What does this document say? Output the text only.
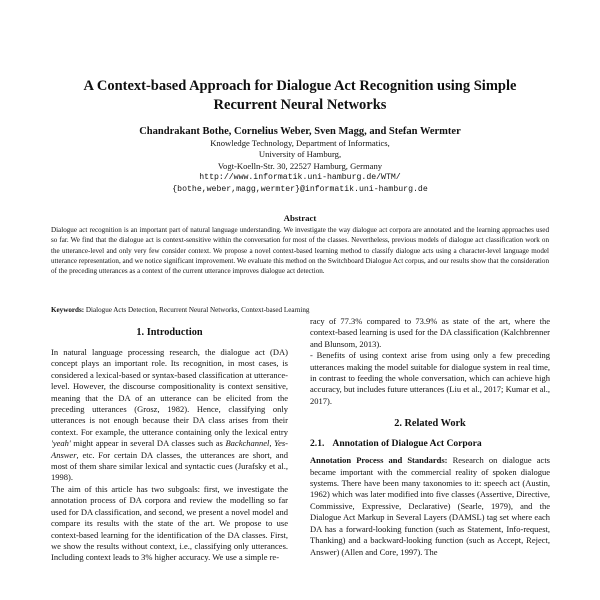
A Context-based Approach for Dialogue Act Recognition using Simple
Recurrent Neural Networks
Chandrakant Bothe, Cornelius Weber, Sven Magg, and Stefan Wermter
Knowledge Technology, Department of Informatics,
University of Hamburg,
Vogt-Koelln-Str. 30, 22527 Hamburg, Germany
http://www.informatik.uni-hamburg.de/WTM/
{bothe,weber,magg,wermter}@informatik.uni-hamburg.de
Abstract
Dialogue act recognition is an important part of natural language understanding. We investigate the way dialogue act corpora are annotated and the learning approaches used so far. We find that the dialogue act is context-sensitive within the conversation for most of the classes. Nevertheless, previous models of dialogue act classification work on the utterance-level and only very few consider context. We propose a novel context-based learning method to classify dialogue acts using a character-level language model utterance representation, and we notice significant improvement. We evaluate this method on the Switchboard Dialogue Act corpus, and our results show that the consideration of the preceding utterances as a context of the current utterance improves dialogue act detection.
Keywords: Dialogue Acts Detection, Recurrent Neural Networks, Context-based Learning
1. Introduction
In natural language processing research, the dialogue act (DA) concept plays an important role. Its recognition, in most cases, is considered a lexical-based or syntax-based classification at utterance-level. However, the discourse compositionality is context sensitive, meaning that the DA of an utterance can be elicited from the preceding utterances (Grosz, 1982). Hence, classifying only utterances is not enough because their DA class arises from their context. For example, the utterance containing only the lexical entry 'yeah' might appear in several DA classes such as Backchannel, Yes-Answer, etc. For certain DA classes, the utterances are short, and most of them share similar lexical and syntactic cues (Jurafsky et al., 1998).
The aim of this article has two subgoals: first, we investigate the annotation process of DA corpora and review the modelling so far used for DA classification, and second, we present a novel model and compare its results with the state of the art. We propose to use context-based learning for the identification of the DA classes. First, we show the results without context, i.e., classifying only utterances. Including context leads to 3% higher accuracy. We use a simple re-
racy of 77.3% compared to 73.9% as state of the art, where the context-based learning is used for the DA classification (Kalchbrenner and Blunsom, 2013).
- Benefits of using context arise from using only a few preceding utterances making the model suitable for dialogue system in real time, in contrast to feeding the whole conversation, which can achieve high accuracy, but includes future utterances (Liu et al., 2017; Kumar et al., 2017).
2. Related Work
2.1. Annotation of Dialogue Act Corpora
Annotation Process and Standards: Research on dialogue acts became important with the commercial reality of spoken dialogue systems. There have been many taxonomies to it: speech act (Austin, 1962) which was later modified into five classes (Assertive, Directive, Commissive, Expressive, Declarative) (Searle, 1979), and the Dialogue Act Markup in Several Layers (DAMSL) tag set where each DA has a forward-looking function (such as Statement, Info-request, Thanking) and a backward-looking function (such as Accept, Reject, Answer) (Allen and Core, 1997). The
